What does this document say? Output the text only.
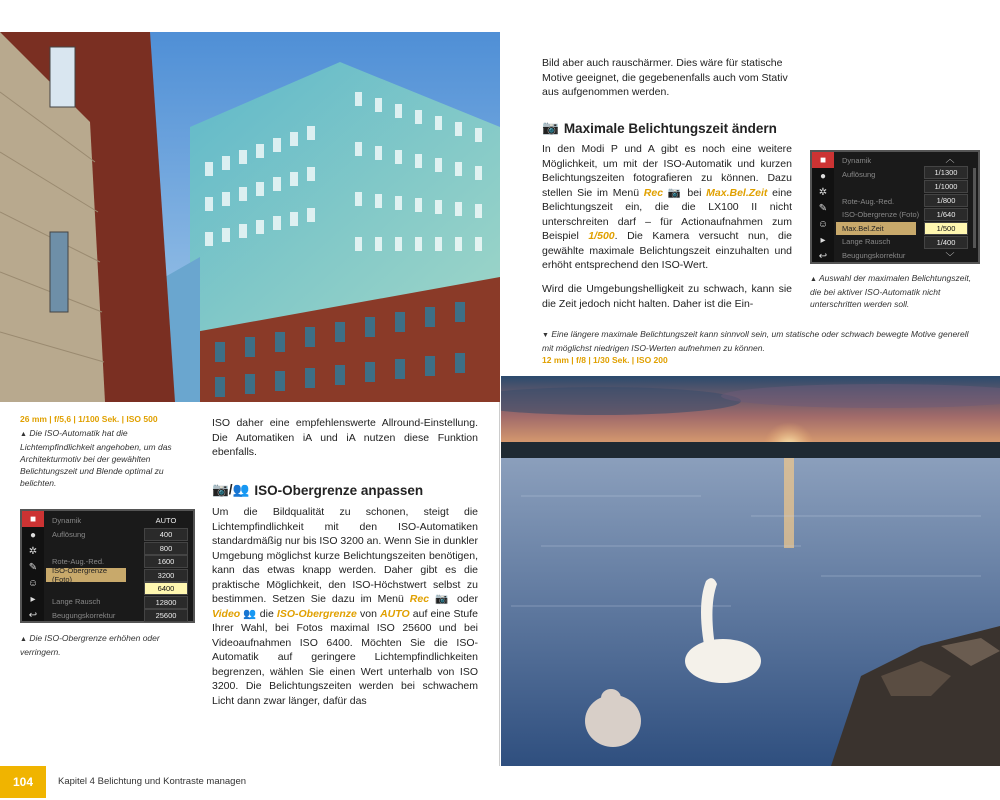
26 mm | f/5,6 | 1/100 Sek. | ISO 500
▲ Die ISO-Automatik hat die Lichtempfindlichkeit angehoben, um das Architekturmotiv bei der gewählten Belichtungszeit und Blende optimal zu belichten.
ISO daher eine empfehlenswerte Allround-Einstellung. Die Automatiken iA und iA nutzen diese Funktion ebenfalls.
📷/👥 ISO-Obergrenze anpassen
Um die Bildqualität zu schonen, steigt die Lichtempfindlichkeit mit den ISO-Automatiken standardmäßig nur bis ISO 3200 an. Wenn Sie in dunkler Umgebung möglichst kurze Belichtungszeiten benötigen, kann das etwas knapp werden. Daher gibt es die praktische Möglichkeit, den ISO-Höchstwert selbst zu bestimmen. Setzen Sie dazu im Menü Rec 📷 oder Video 👥 die ISO-Obergrenze von AUTO auf eine Stufe Ihrer Wahl, bei Fotos maximal ISO 25600 und bei Videoaufnahmen ISO 6400. Möchten Sie die ISO-Automatik auf geringere Lichtempfindlichkeiten begrenzen, wählen Sie einen Wert unterhalb von ISO 3200. Die Belichtungszeiten werden bei schwachem Licht dann zwar länger, dafür das
■
●
✲
✎
☺
▸
↩
Dynamik
Auflösung
Rote-Aug.-Red.
ISO-Obergrenze (Foto)
Lange Rausch
Beugungskorrektur
AUTO
400
800
1600
3200
6400
12800
25600
▲ Die ISO-Obergrenze erhöhen oder verringern.
104	Kapitel 4 Belichtung und Kontraste managen
Bild aber auch rauschärmer. Dies wäre für statische Motive geeignet, die gegebenenfalls auch vom Stativ aus aufgenommen werden.
📷 Maximale Belichtungszeit ändern
In den Modi P und A gibt es noch eine weitere Möglichkeit, um mit der ISO-Automatik und kurzen Belichtungszeiten fotografieren zu können. Dazu stellen Sie im Menü Rec 📷 bei Max.Bel.Zeit eine Belichtungszeit ein, die die LX100 II nicht unterschreiten darf – für Actionaufnahmen zum Beispiel 1/500. Die Kamera versucht nun, die gewählte maximale Belichtungszeit einzuhalten und erhöht entsprechend den ISO-Wert.
Wird die Umgebungshelligkeit zu schwach, kann sie die Zeit jedoch nicht halten. Daher ist die Ein-
■
●
✲
✎
☺
▸
↩
Dynamik
Auflösung
Rote-Aug.-Red.
ISO-Obergrenze (Foto)
Max.Bel.Zeit
Lange Rausch
Beugungskorrektur
︿
1/1300
1/1000
1/800
1/640
1/500
1/400
﹀
▲ Auswahl der maximalen Belichtungszeit, die bei aktiver ISO-Automatik nicht unterschritten werden soll.
▼ Eine längere maximale Belichtungszeit kann sinnvoll sein, um statische oder schwach bewegte Motive generell mit möglichst niedrigen ISO-Werten aufnehmen zu können.
12 mm | f/8 | 1/30 Sek. | ISO 200
